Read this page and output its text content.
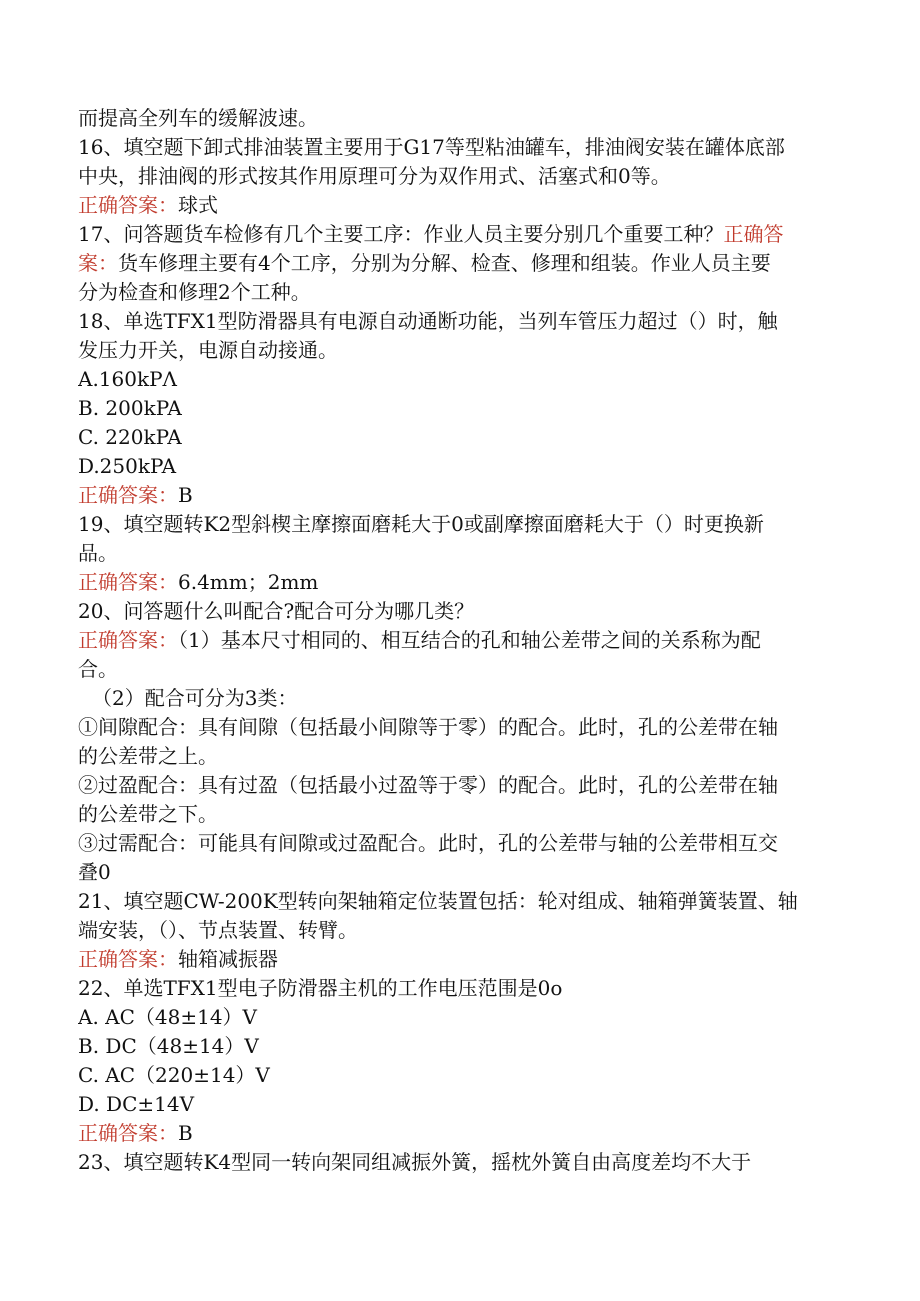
而提高全列车的缓解波速。
16、填空题下卸式排油装置主要用于G17等型粘油罐车，排油阀安装在罐体底部
中央，排油阀的形式按其作用原理可分为双作用式、活塞式和0等。
正确答案：球式
17、问答题货车检修有几个主要工序：作业人员主要分别几个重要工种？正确答
案：货车修理主要有4个工序，分别为分解、检查、修理和组装。作业人员主要
分为检查和修理2个工种。
18、单选TFX1型防滑器具有电源自动通断功能，当列车管压力超过（）时，触
发压力开关，电源自动接通。
A.160kPΛ
B. 200kPA
C. 220kPA
D.250kPA
正确答案：B
19、填空题转K2型斜楔主摩擦面磨耗大于0或副摩擦面磨耗大于（）时更换新
品。
正确答案：6.4mm；2mm
20、问答题什么叫配合?配合可分为哪几类？
正确答案：（1）基本尺寸相同的、相互结合的孔和轴公差带之间的关系称为配
合。
（2）配合可分为3类：
①间隙配合：具有间隙（包括最小间隙等于零）的配合。此时，孔的公差带在轴
的公差带之上。
②过盈配合：具有过盈（包括最小过盈等于零）的配合。此时，孔的公差带在轴
的公差带之下。
③过需配合：可能具有间隙或过盈配合。此时，孔的公差带与轴的公差带相互交
叠0
21、填空题CW-200K型转向架轴箱定位装置包括：轮对组成、轴箱弹簧装置、轴
端安装，（）、节点装置、转臂。
正确答案：轴箱减振器
22、单选TFX1型电子防滑器主机的工作电压范围是0o
A. AC（48±14）V
B. DC（48±14）V
C. AC（220±14）V
D. DC±14V
正确答案：B
23、填空题转K4型同一转向架同组减振外簧，摇枕外簧自由高度差均不大于
